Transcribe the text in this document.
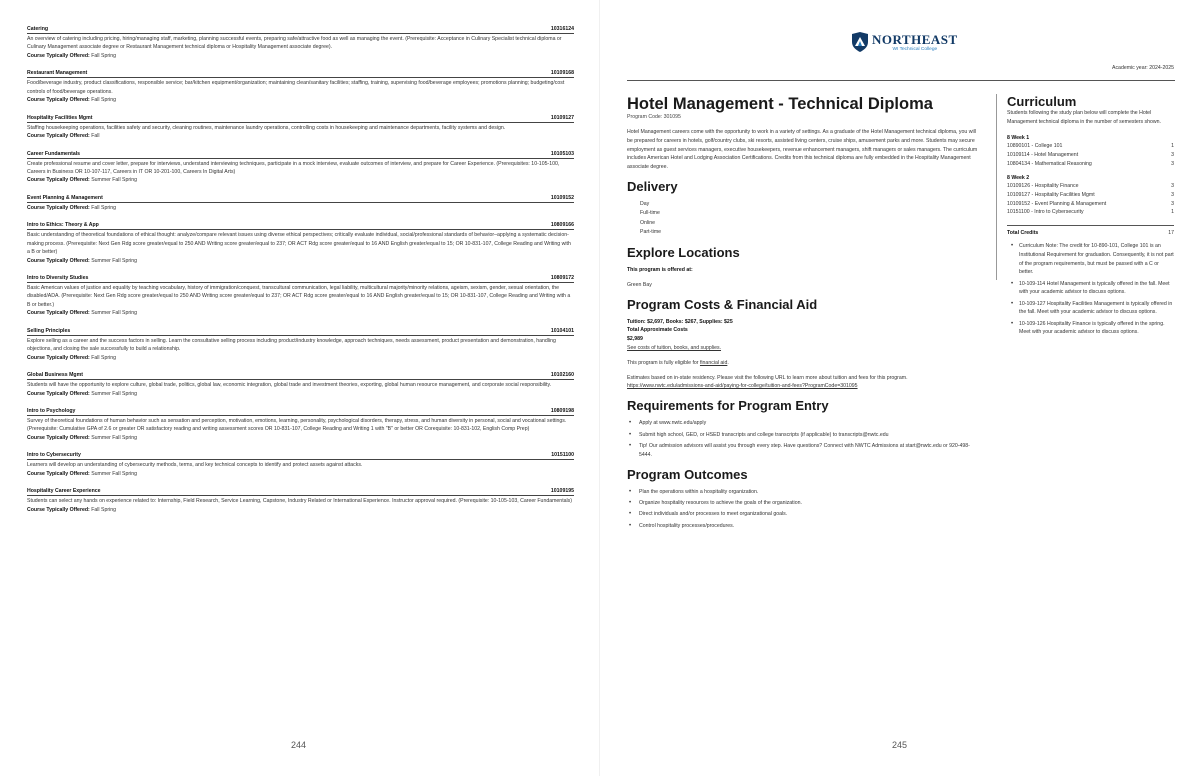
Catering	10316124
An overview of catering including pricing, hiring/managing staff, marketing, planning successful events, preparing safe/attractive food as well as managing the event. (Prerequisite: Acceptance in Culinary Specialist technical diploma or Culinary Management associate degree or Restaurant Management technical diploma or Hospitality Management associate degree).
Course Typically Offered: Fall Spring
Restaurant Management	10109168
Food/beverage industry, product classifications, responsible service; bar/kitchen equipment/organization; maintaining clean/sanitary facilities; staffing, training, supervising food/beverage employees; promotions planning; budgeting/cost controls of food/beverage operations.
Course Typically Offered: Fall Spring
Hospitality Facilities Mgmt	10109127
Staffing housekeeping operations, facilities safety and security, cleaning routines, maintenance laundry operations, controlling costs in housekeeping and maintenance departments, facility systems and design.
Course Typically Offered: Fall
Career Fundamentals	10105103
Create professional resume and cover letter, prepare for interviews, understand interviewing techniques, participate in a mock interview, evaluate outcomes of interview, and prepare for Career Experience. (Prerequisites: 10-105-100, Careers in Business OR 10-107-117, Careers in IT OR 10-201-100, Careers In Digital Arts)
Course Typically Offered: Summer Fall Spring
Event Planning & Management	10109152
Course Typically Offered: Fall Spring
Intro to Ethics: Theory & App	10809166
Basic understanding of theoretical foundations of ethical thought: analyze/compare relevant issues using diverse ethical perspectives; critically evaluate individual, social/professional standards of behavior–applying a systematic decision-making process. (Prerequisite: Next Gen Rdg score greater/equal to 250 AND Writing score greater/equal to 237; OR ACT Rdg score greater/equal to 16 AND English greater/equal to 15; OR 10-831-107, College Reading and Writing with a B or better)
Course Typically Offered: Summer Fall Spring
Intro to Diversity Studies	10809172
Basic American values of justice and equality by teaching vocabulary, history of immigration/conquest, transcultural communication, legal liability, multicultural majority/minority relations, ageism, sexism, gender, sexual orientation, the disabled/ADA. (Prerequisite: Next Gen Rdg score greater/equal to 250 AND Writing score greater/equal to 237; OR ACT Rdg score greater/equal to 16 AND English greater/equal to 15; OR 10-831-107, College Reading and Writing with a B or better.)
Course Typically Offered: Summer Fall Spring
Selling Principles	10104101
Explore selling as a career and the success factors in selling. Learn the consultative selling process including product/industry knowledge, approach techniques, needs assessment, product presentation and demonstration, handling objections, and closing the sale successfully to build a relationship.
Course Typically Offered: Fall Spring
Global Business Mgmt	10102160
Students will have the opportunity to explore culture, global trade, politics, global law, economic integration, global trade and investment theories, exporting, global human resource management, and corporate social responsibility.
Course Typically Offered: Summer Fall Spring
Intro to Psychology	10809198
Survey of theoretical foundations of human behavior such as sensation and perception, motivation, emotions, learning, personality, psychological disorders, therapy, stress, and human diversity in personal, social and vocational settings. (Prerequisite: Cumulative GPA of 2.6 or greater OR satisfactory reading and writing assessment scores OR 10-831-107, College Reading and Writing 1 with "B" or better OR Corequisite: 10-831-102, English Comp Prep)
Course Typically Offered: Summer Fall Spring
Intro to Cybersecurity	10151100
Learners will develop an understanding of cybersecurity methods, terms, and key technical concepts to identify and protect assets against attacks.
Course Typically Offered: Summer Fall Spring
Hospitality Career Experience	10109195
Students can select any hands on experience related to: Internship, Field Research, Service Learning, Capstone, Industry Related or International Experience. Instructor approval required. (Prerequisite: 10-105-103, Career Fundamentals)
Course Typically Offered: Fall Spring
244
NORTHEAST
WI Technical College
Academic year: 2024-2025
Hotel Management - Technical Diploma
Program Code: 301095

Hotel Management careers come with the opportunity to work in a variety of settings. As a graduate of the Hotel Management technical diploma, you will be prepared for careers in hotels, golf/country clubs, ski resorts, assisted living centers, cruise ships, amusement parks and more. Students may secure employment as guest services managers, executive housekeepers, revenue enhancement managers, shift managers or sales managers. The curriculum includes American Hotel and Lodging Association Certifications. Credits from this technical diploma are fully embedded in the Hospitality Management associate degree.

Delivery
Day
Full-time
Online
Part-time
Explore Locations
This program is offered at:
Green Bay
Program Costs & Financial Aid
Tuition: $2,697, Books: $267, Supplies: $25
Total Approximate Costs
$2,989
See costs of tuition, books, and supplies.
This program is fully eligible for financial aid.
Estimates based on in-state residency. Please visit the following URL to learn more about tuition and fees for this program.
https://www.nwtc.edu/admissions-and-aid/paying-for-college/tuition-and-fees?ProgramCode=301095
Requirements for Program Entry
• Apply at www.nwtc.edu/apply
• Submit high school, GED, or HSED transcripts and college transcripts (if applicable) to transcripts@nwtc.edu
• Tip! Our admission advisors will assist you through every step. Have questions? Connect with NWTC Admissions at start@nwtc.edu or 920-498-5444.
Program Outcomes
• Plan the operations within a hospitality organization.
• Organize hospitality resources to achieve the goals of the organization.
• Direct individuals and/or processes to meet organizational goals.
• Control hospitality processes/procedures.
Curriculum

Students following the study plan below will complete the Hotel Management technical diploma in the number of semesters shown.

8 Week 1
10890101 - College 101	1
10109114 - Hotel Management	3
10804134 - Mathematical Reasoning	3
8 Week 2
10109126 - Hospitality Finance	3
10109127 - Hospitality Facilities Mgmt	3
10109152 - Event Planning & Management	3
10151100 - Intro to Cybersecurity	1
Total Credits	17
• Curriculum Note: The credit for 10-890-101, College 101 is an Institutional Requirement for graduation. Consequently, it is not part of the program requirements, but must be passed with a C or better.
• 10-109-114 Hotel Management is typically offered in the fall. Meet with your academic advisor to discuss options.
• 10-109-127 Hospitality Facilities Management is typically offered in the fall. Meet with your academic advisor to discuss options.
• 10-109-126 Hospitality Finance is typically offered in the spring. Meet with your academic advisor to discuss options.
245
